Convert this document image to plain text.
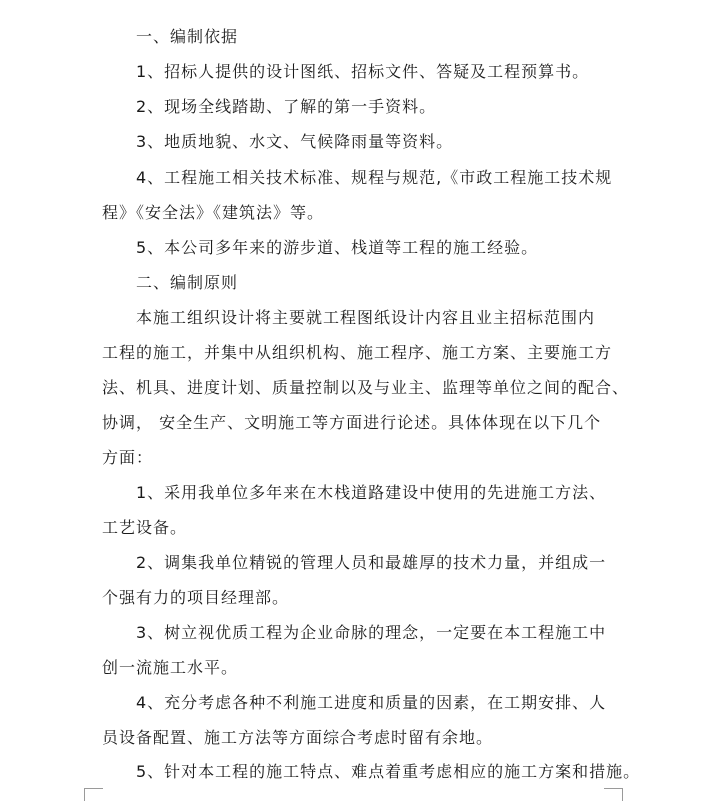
一、编制依据
1、招标人提供的设计图纸、招标文件、答疑及工程预算书。
2、现场全线踏勘、了解的第一手资料。
3、地质地貌、水文、气候降雨量等资料。
4、工程施工相关技术标准、规程与规范,《市政工程施工技术规
程》《安全法》《建筑法》等。
5、本公司多年来的游步道、栈道等工程的施工经验。
二、编制原则
本施工组织设计将主要就工程图纸设计内容且业主招标范围内
工程的施工，并集中从组织机构、施工程序、施工方案、主要施工方
法、机具、进度计划、质量控制以及与业主、监理等单位之间的配合、
协调， 安全生产、文明施工等方面进行论述。具体体现在以下几个
方面：
1、采用我单位多年来在木栈道路建设中使用的先进施工方法、
工艺设备。
2、调集我单位精锐的管理人员和最雄厚的技术力量，并组成一
个强有力的项目经理部。
3、树立视优质工程为企业命脉的理念，一定要在本工程施工中
创一流施工水平。
4、充分考虑各种不利施工进度和质量的因素，在工期安排、人
员设备配置、施工方法等方面综合考虑时留有余地。
5、针对本工程的施工特点、难点着重考虑相应的施工方案和措施。
